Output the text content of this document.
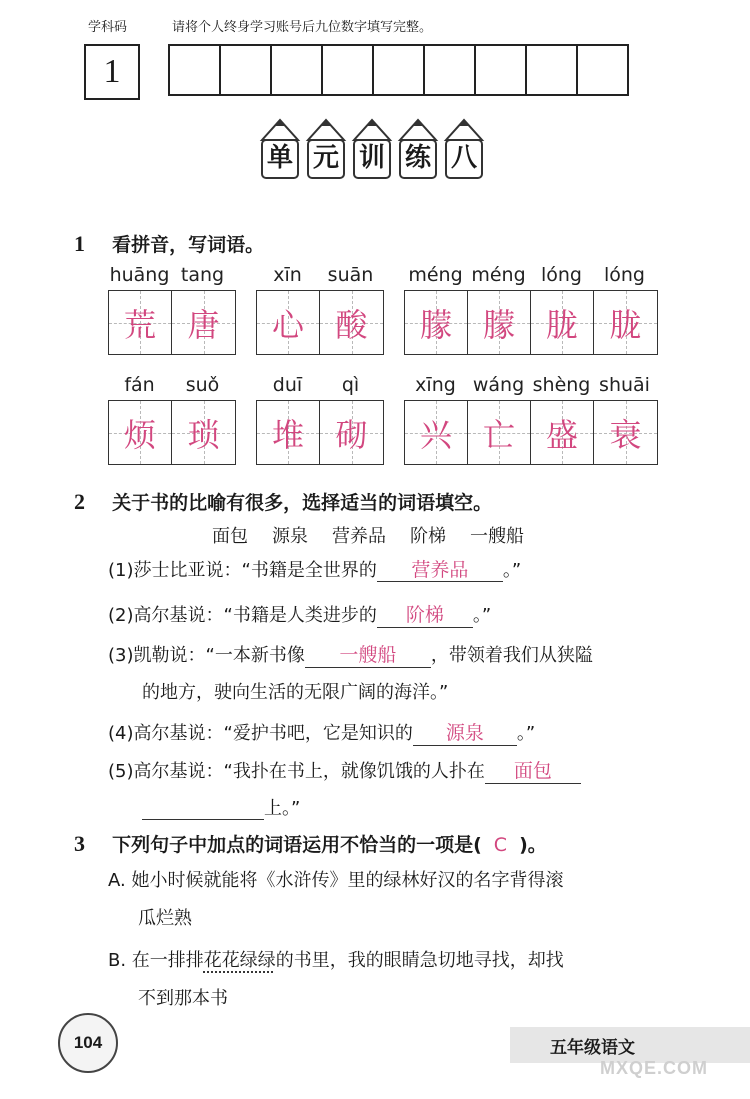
学科码	请将个人终身学习账号后九位数字填写完整。
1
单 元 训 练 八
1 看拼音，写词语。
huāng tang
荒 唐
xīn	suān
心 酸
méng méng lóng	lóng
朦 朦 胧 胧
fán	suǒ
烦 琐
duī	qì
堆 砌
xīng wáng shèng shuāi
兴 亡 盛 衰
2 关于书的比喻有很多，选择适当的词语填空。
面包 源泉 营养品 阶梯 一艘船
(1)莎士比亚说：“书籍是全世界的 营养品 。”
(2)高尔基说：“书籍是人类进步的 阶梯 。”
(3)凯勒说：“一本新书像 一艘船 ，带领着我们从狭隘
的地方，驶向生活的无限广阔的海洋。”
(4)高尔基说：“爱护书吧，它是知识的 源泉 。”
(5)高尔基说：“我扑在书上，就像饥饿的人扑在 面包
上。”
3 下列句子中加点的词语运用不恰当的一项是( C )。
A. 她小时候就能将《水浒传》里的绿林好汉的名字背得滚
瓜烂熟
B. 在一排排花花绿绿的书里，我的眼睛急切地寻找，却找
不到那本书
104	五年级语文
MXQE.COM
